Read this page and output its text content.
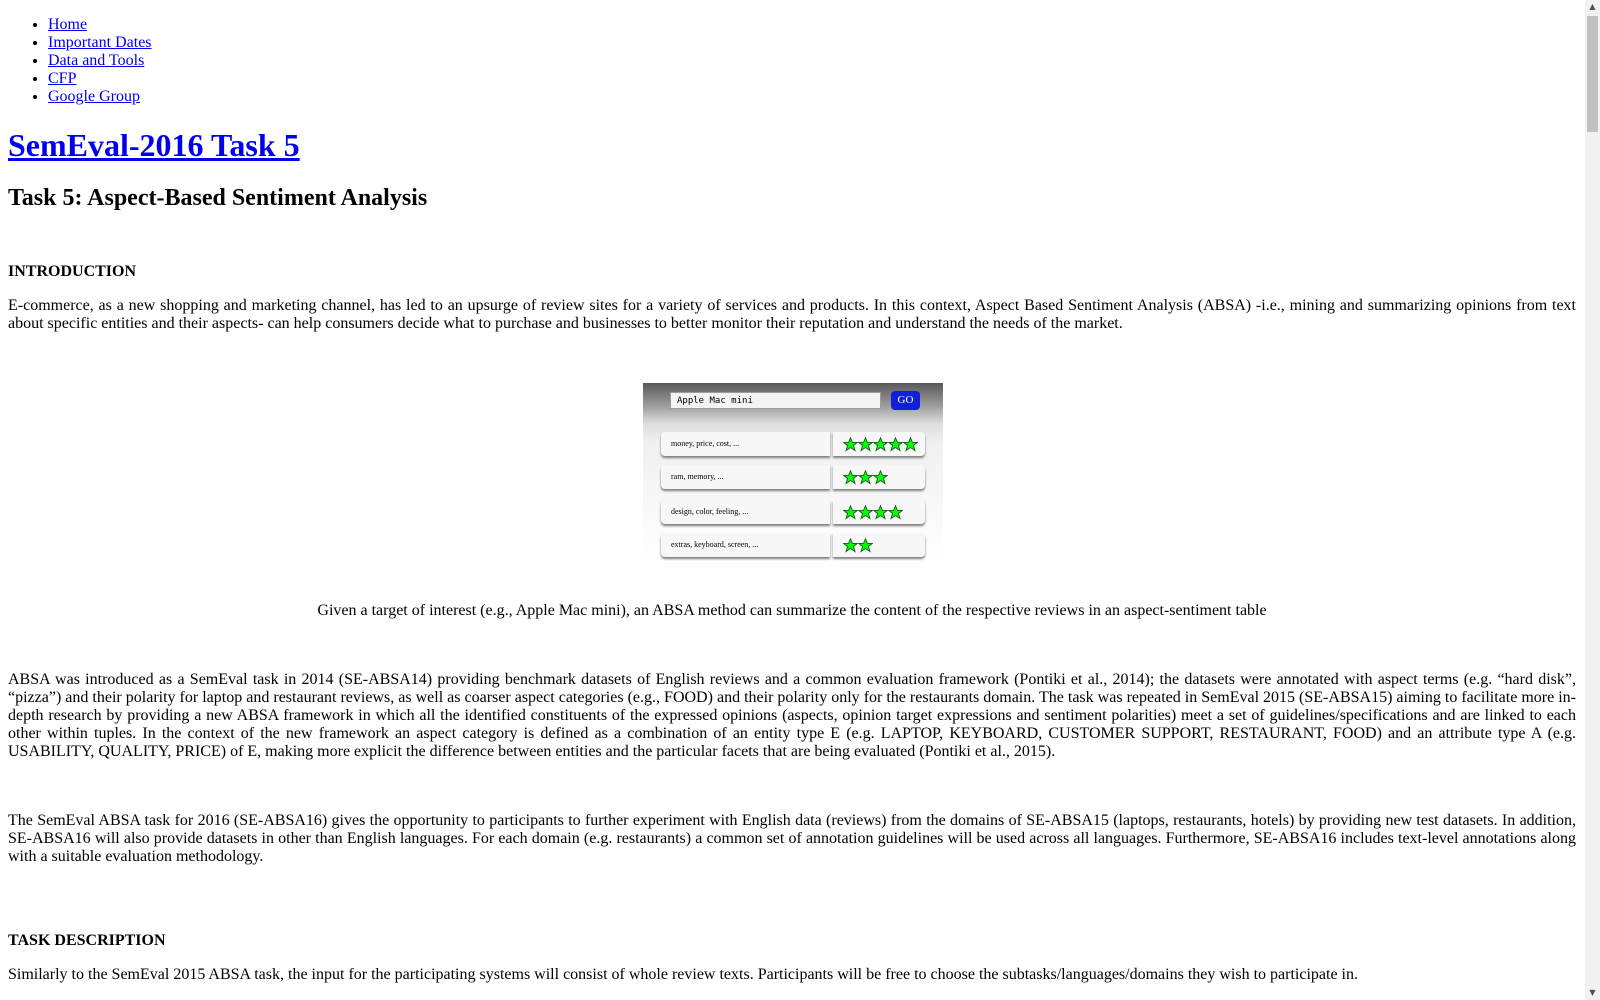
• Home
• Important Dates
• Data and Tools
• CFP
• Google Group
SemEval-2016 Task 5
Task 5: Aspect-Based Sentiment Analysis
INTRODUCTION

E-commerce, as a new shopping and marketing channel, has led to an upsurge of review sites for a variety of services and products. In this context, Aspect Based Sentiment Analysis (ABSA) -i.e., mining and summarizing opinions from text about specific entities and their aspects- can help consumers decide what to purchase and businesses to better monitor their reputation and understand the needs of the market.

Apple Mac mini	GO
money, price, cost, ...
ram, memory, ...
design, color, feeling, ...
extras, keyboard, screen, ...
Given a target of interest (e.g., Apple Mac mini), an ABSA method can summarize the content of the respective reviews in an aspect-sentiment table

ABSA was introduced as a SemEval task in 2014 (SE-ABSA14) providing benchmark datasets of English reviews and a common evaluation framework (Pontiki et al., 2014); the datasets were annotated with aspect terms (e.g. “hard disk”, “pizza”) and their polarity for laptop and restaurant reviews, as well as coarser aspect categories (e.g., FOOD) and their polarity only for the restaurants domain. The task was repeated in SemEval 2015 (SE-ABSA15) aiming to facilitate more in-depth research by providing a new ABSA framework in which all the identified constituents of the expressed opinions (aspects, opinion target expressions and sentiment polarities) meet a set of guidelines/specifications and are linked to each other within tuples. In the context of the new framework an aspect category is defined as a combination of an entity type E (e.g. LAPTOP, KEYBOARD, CUSTOMER SUPPORT, RESTAURANT, FOOD) and an attribute type A (e.g. USABILITY, QUALITY, PRICE) of E, making more explicit the difference between entities and the particular facets that are being evaluated (Pontiki et al., 2015).

The SemEval ABSA task for 2016 (SE-ABSA16) gives the opportunity to participants to further experiment with English data (reviews) from the domains of SE-ABSA15 (laptops, restaurants, hotels) by providing new test datasets. In addition, SE-ABSA16 will also provide datasets in other than English languages. For each domain (e.g. restaurants) a common set of annotation guidelines will be used across all languages. Furthermore, SE-ABSA16 includes text-level annotations along with a suitable evaluation methodology.

TASK DESCRIPTION

Similarly to the SemEval 2015 ABSA task, the input for the participating systems will consist of whole review texts. Participants will be free to choose the subtasks/languages/domains they wish to participate in.

▲
▼
